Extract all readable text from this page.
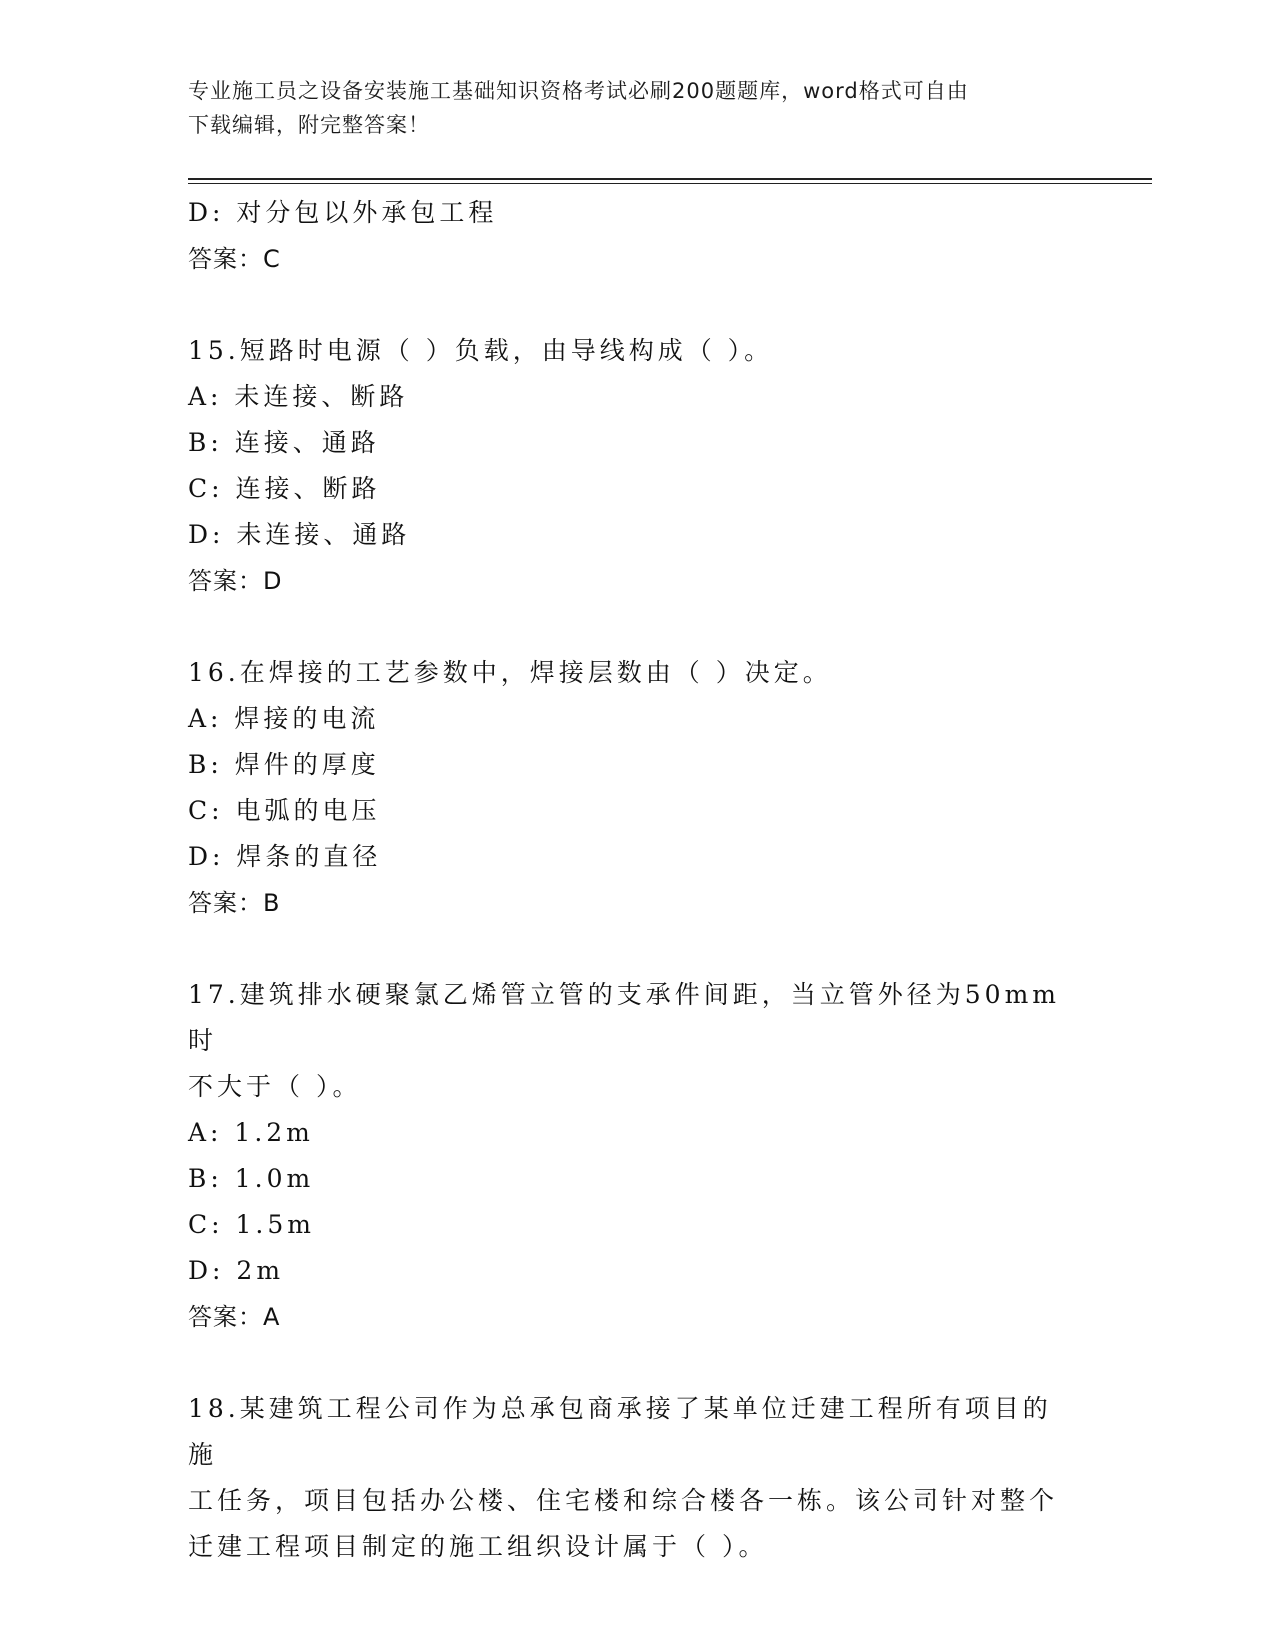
专业施工员之设备安装施工基础知识资格考试必刷200题题库，word格式可自由
下载编辑，附完整答案！
D: 对分包以外承包工程
答案：C
15.短路时电源（ ）负载，由导线构成（ ）。
A: 未连接、断路
B: 连接、通路
C: 连接、断路
D: 未连接、通路
答案：D
16.在焊接的工艺参数中，焊接层数由（ ）决定。
A: 焊接的电流
B: 焊件的厚度
C: 电弧的电压
D: 焊条的直径
答案：B
17.建筑排水硬聚氯乙烯管立管的支承件间距，当立管外径为50mm时
不大于（ ）。
A: 1.2m
B: 1.0m
C: 1.5m
D: 2m
答案：A
18.某建筑工程公司作为总承包商承接了某单位迁建工程所有项目的施
工任务，项目包括办公楼、住宅楼和综合楼各一栋。该公司针对整个
迁建工程项目制定的施工组织设计属于（ ）。
